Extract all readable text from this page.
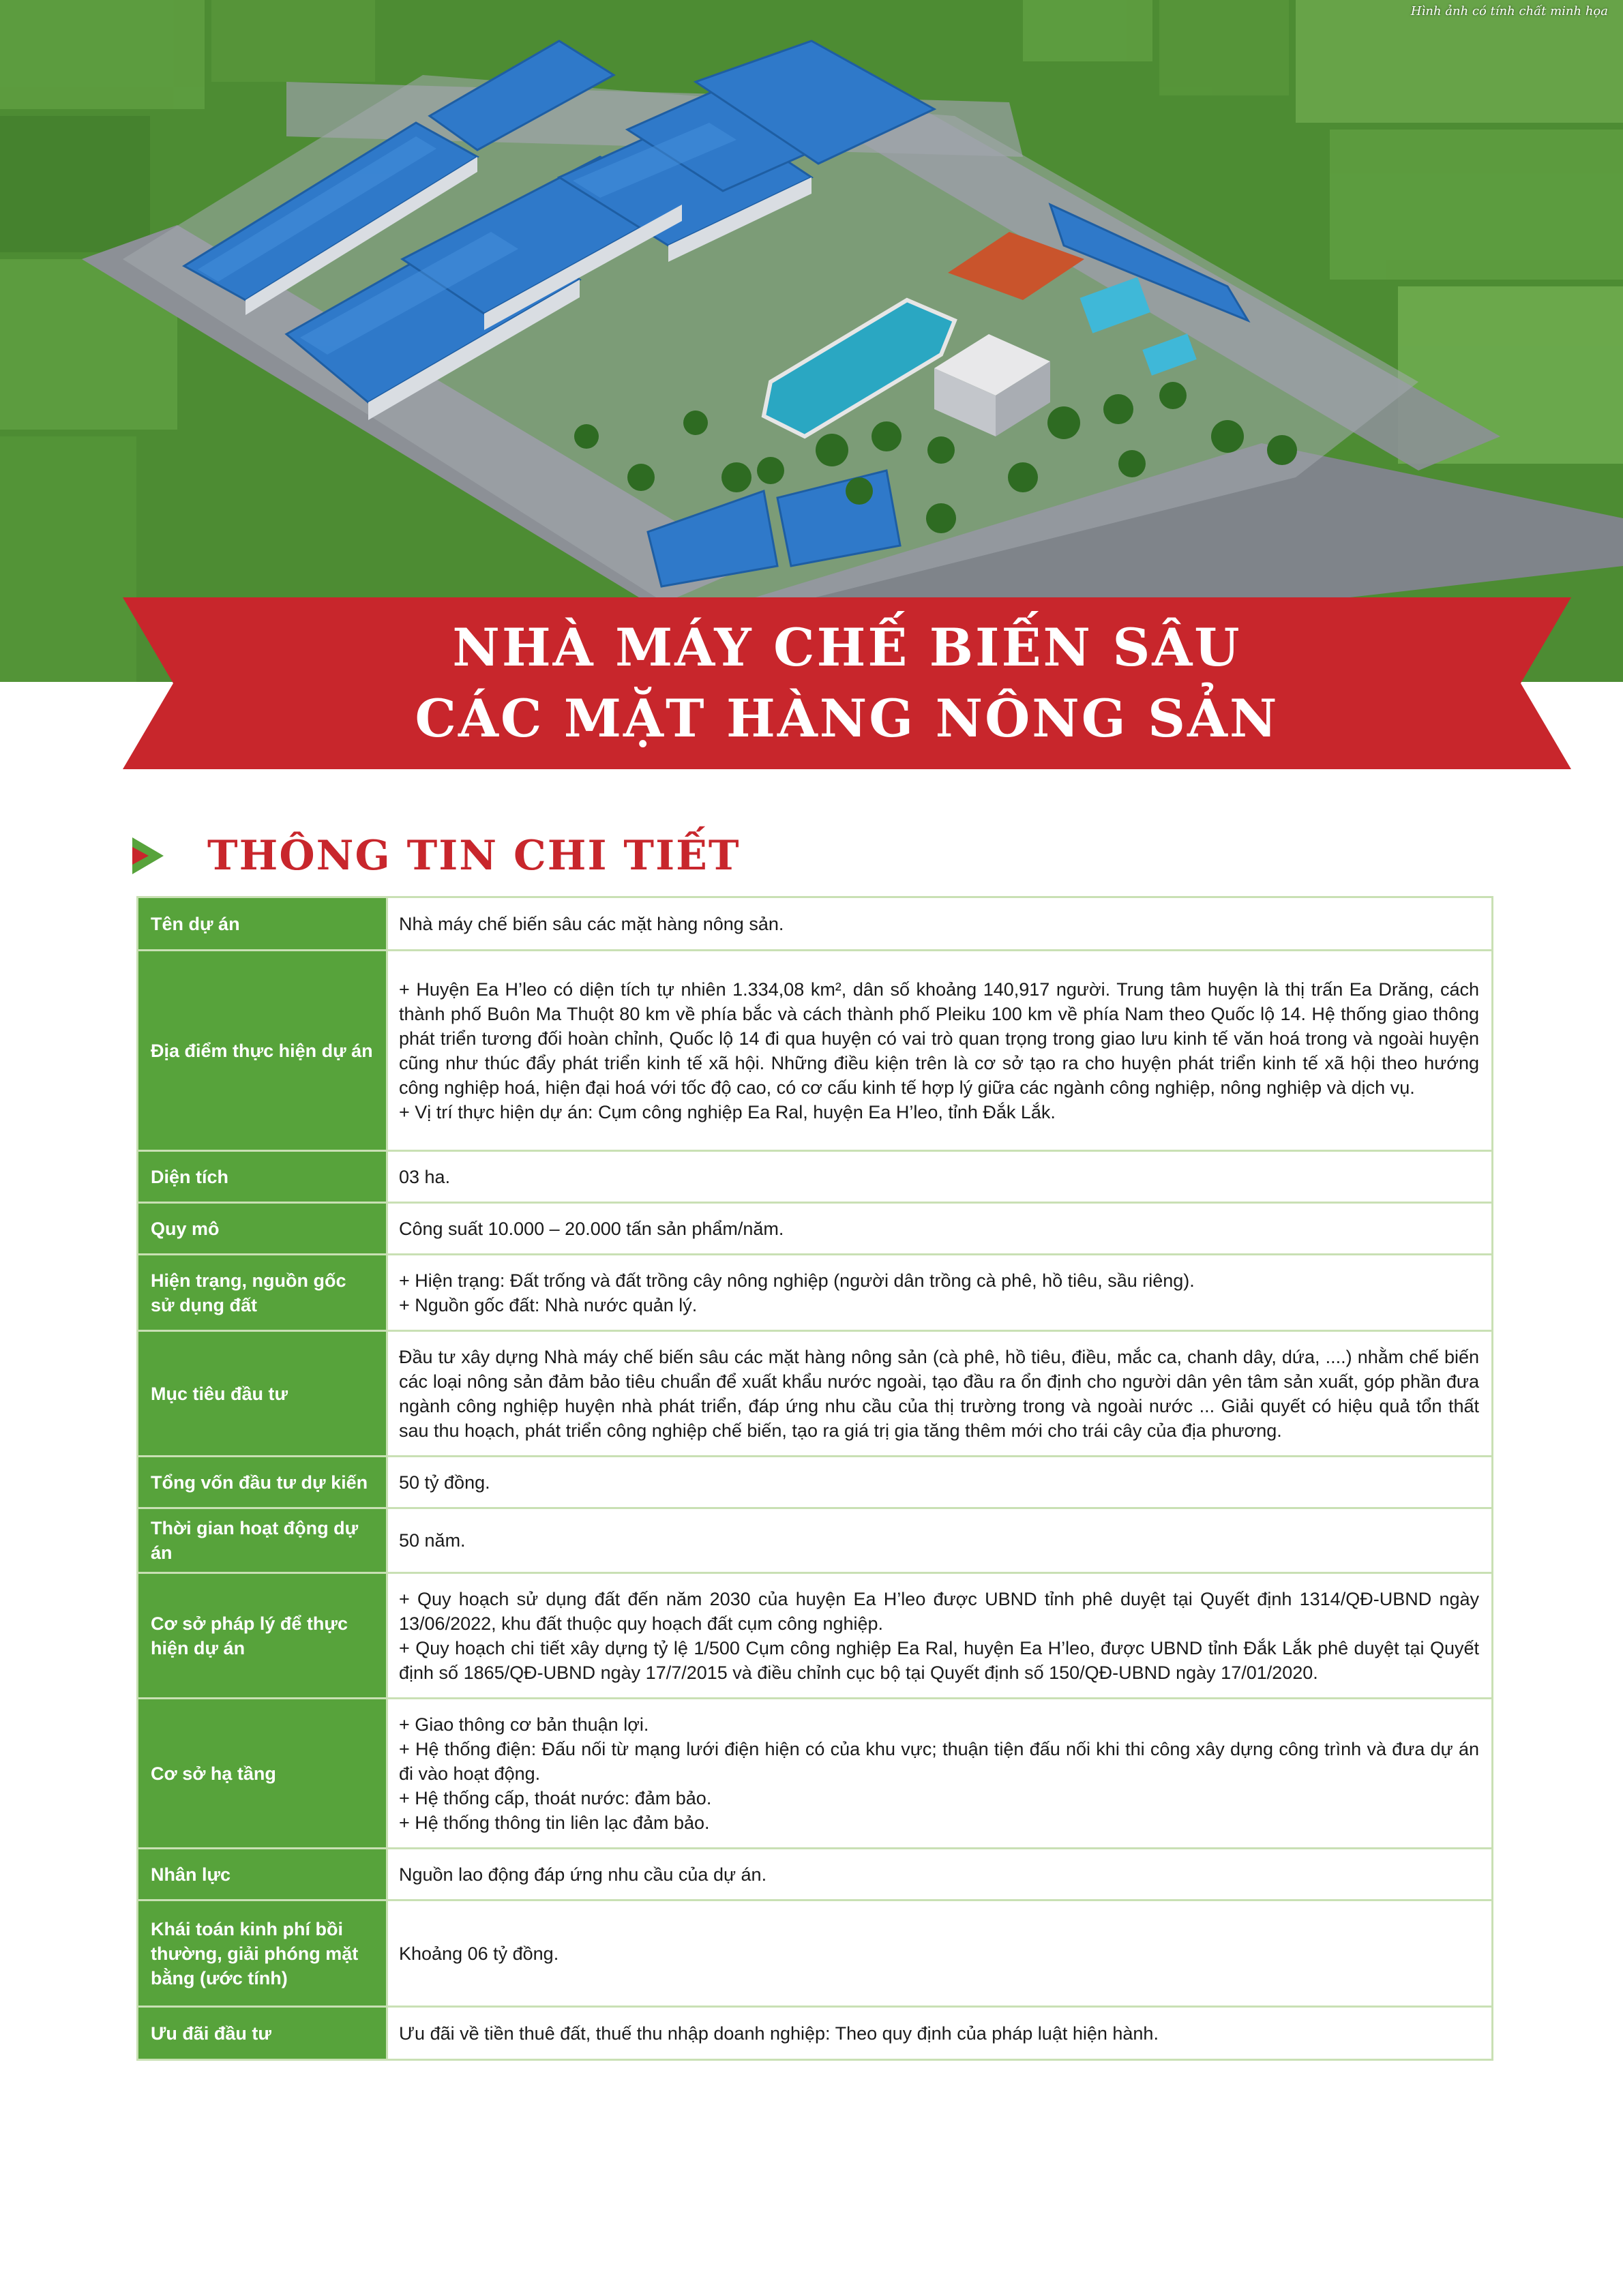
Hình ảnh có tính chất minh họa
NHÀ MÁY CHẾ BIẾN SÂU
CÁC MẶT HÀNG NÔNG SẢN
THÔNG TIN CHI TIẾT
Tên dự án	Nhà máy chế biến sâu các mặt hàng nông sản.

Địa điểm thực hiện dự án	+ Huyện Ea H’leo có diện tích tự nhiên 1.334,08 km², dân số khoảng 140,917 người. Trung tâm huyện là thị trấn Ea Drăng, cách thành phố Buôn Ma Thuột 80 km về phía bắc và cách thành phố Pleiku 100 km về phía Nam theo Quốc lộ 14. Hệ thống giao thông phát triển tương đối hoàn chỉnh, Quốc lộ 14 đi qua huyện có vai trò quan trọng trong giao lưu kinh tế văn hoá trong và ngoài huyện cũng như thúc đẩy phát triển kinh tế xã hội. Những điều kiện trên là cơ sở tạo ra cho huyện phát triển kinh tế xã hội theo hướng công nghiệp hoá, hiện đại hoá với tốc độ cao, có cơ cấu kinh tế hợp lý giữa các ngành công nghiệp, nông nghiệp và dịch vụ.

+ Vị trí thực hiện dự án: Cụm công nghiệp Ea Ral, huyện Ea H’leo, tỉnh Đắk Lắk.

Diện tích	03 ha.

Quy mô	Công suất 10.000 – 20.000 tấn sản phẩm/năm.

Hiện trạng, nguồn gốc sử dụng đất	+ Hiện trạng: Đất trống và đất trồng cây nông nghiệp (người dân trồng cà phê, hồ tiêu, sầu riêng).

+ Nguồn gốc đất: Nhà nước quản lý.

Mục tiêu đầu tư	Đầu tư xây dựng Nhà máy chế biến sâu các mặt hàng nông sản (cà phê, hồ tiêu, điều, mắc ca, chanh dây, dứa, ....) nhằm chế biến các loại nông sản đảm bảo tiêu chuẩn để xuất khẩu nước ngoài, tạo đầu ra ổn định cho người dân yên tâm sản xuất, góp phần đưa ngành công nghiệp huyện nhà phát triển, đáp ứng nhu cầu của thị trường trong và ngoài nước ... Giải quyết có hiệu quả tổn thất sau thu hoạch, phát triển công nghiệp chế biến, tạo ra giá trị gia tăng thêm mới cho trái cây của địa phương.

Tổng vốn đầu tư dự kiến	50 tỷ đồng.

Thời gian hoạt động dự án	50 năm.

Cơ sở pháp lý để thực hiện dự án	+ Quy hoạch sử dụng đất đến năm 2030 của huyện Ea H’leo được UBND tỉnh phê duyệt tại Quyết định 1314/QĐ-UBND ngày 13/06/2022, khu đất thuộc quy hoạch đất cụm công nghiệp.

+ Quy hoạch chi tiết xây dựng tỷ lệ 1/500 Cụm công nghiệp Ea Ral, huyện Ea H’leo, được UBND tỉnh Đắk Lắk phê duyệt tại Quyết định số 1865/QĐ-UBND ngày 17/7/2015 và điều chỉnh cục bộ tại Quyết định số 150/QĐ-UBND ngày 17/01/2020.

Cơ sở hạ tầng	+ Giao thông cơ bản thuận lợi.

+ Hệ thống điện: Đấu nối từ mạng lưới điện hiện có của khu vực; thuận tiện đấu nối khi thi công xây dựng công trình và đưa dự án đi vào hoạt động.

+ Hệ thống cấp, thoát nước: đảm bảo.

+ Hệ thống thông tin liên lạc đảm bảo.

Nhân lực	Nguồn lao động đáp ứng nhu cầu của dự án.

Khái toán kinh phí bồi thường, giải phóng mặt bằng (ước tính)	Khoảng 06 tỷ đồng.

Ưu đãi đầu tư	Ưu đãi về tiền thuê đất, thuế thu nhập doanh nghiệp: Theo quy định của pháp luật hiện hành.
